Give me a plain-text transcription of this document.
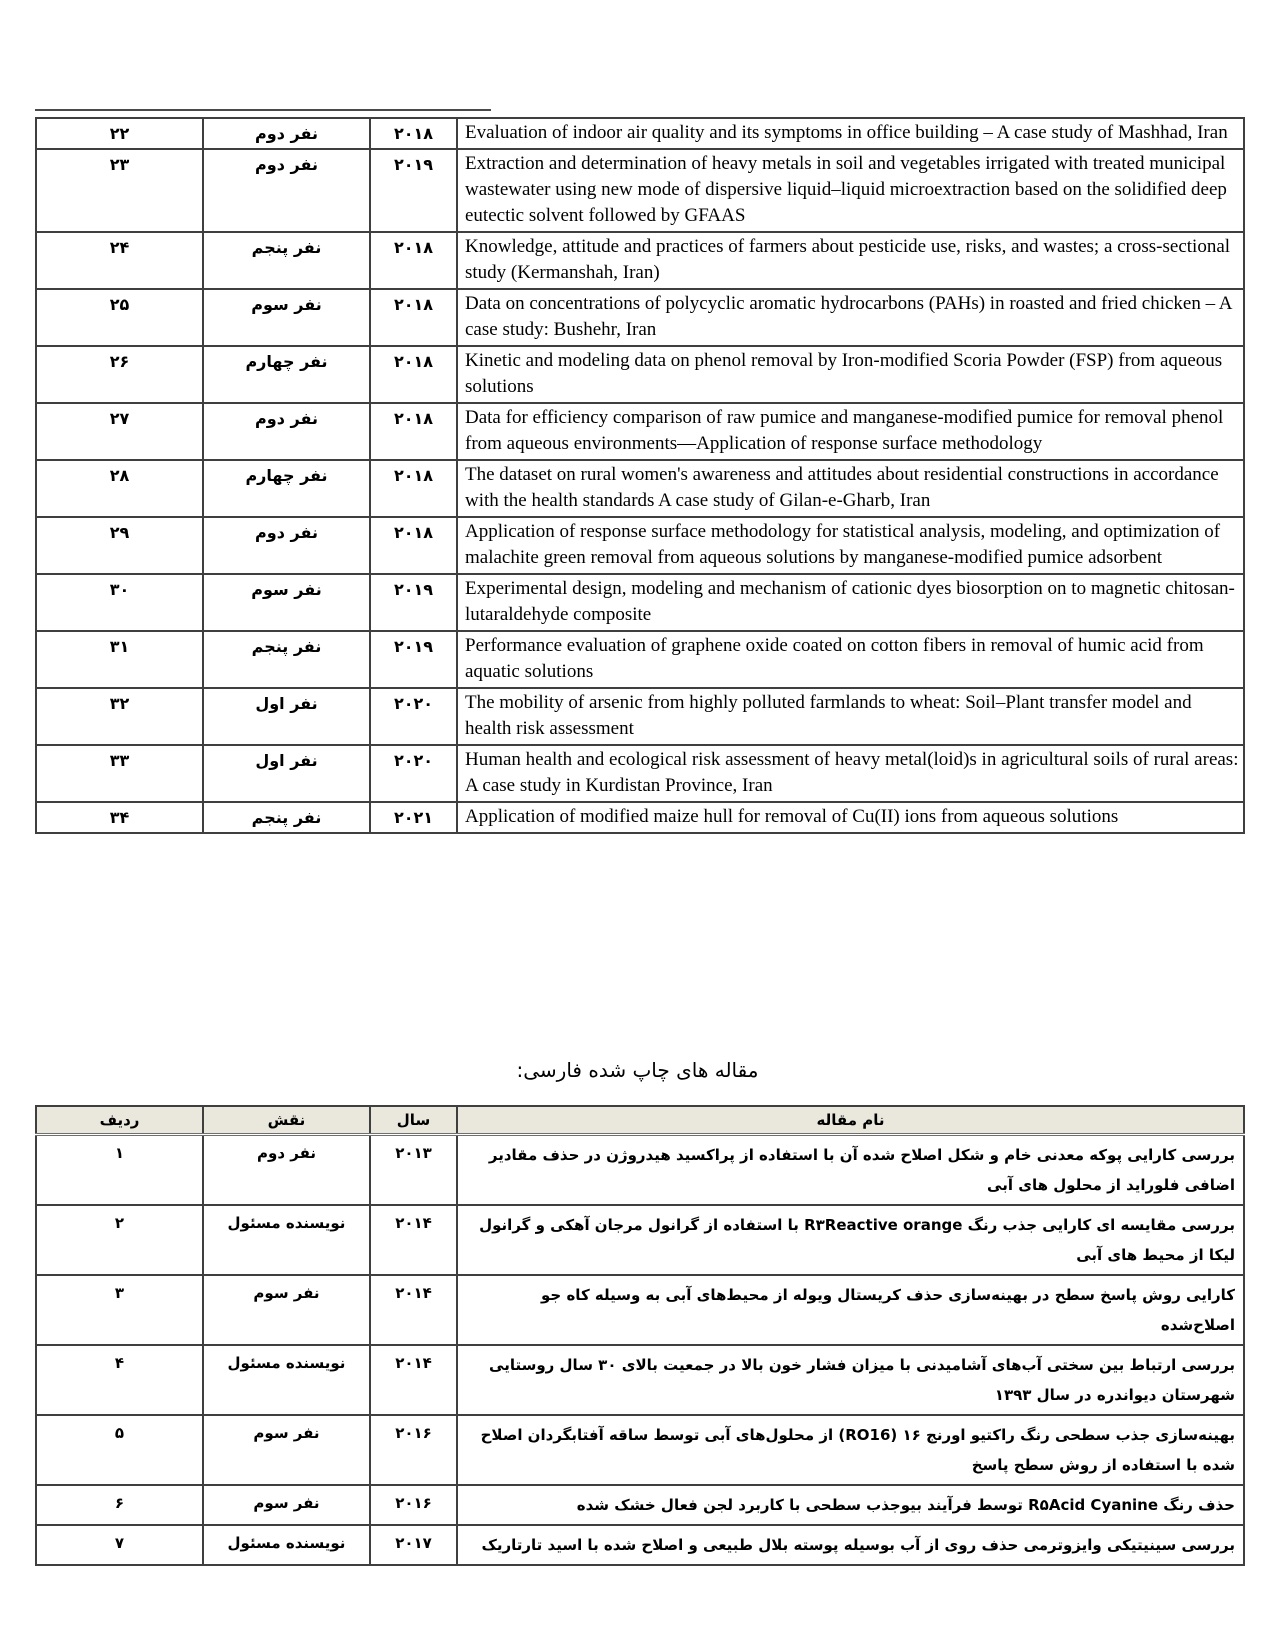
۲۲	نفر دوم	۲۰۱۸	Evaluation of indoor air quality and its symptoms in office building – A case study of Mashhad, Iran
۲۳	نفر دوم	۲۰۱۹	Extraction and determination of heavy metals in soil and vegetables irrigated with treated municipal wastewater using new mode of dispersive liquid–liquid microextraction based on the solidified deep eutectic solvent followed by GFAAS
۲۴	نفر پنجم	۲۰۱۸	Knowledge, attitude and practices of farmers about pesticide use, risks, and wastes; a cross-sectional study (Kermanshah, Iran)
۲۵	نفر سوم	۲۰۱۸	Data on concentrations of polycyclic aromatic hydrocarbons (PAHs) in roasted and fried chicken – A case study: Bushehr, Iran
۲۶	نفر چهارم	۲۰۱۸	Kinetic and modeling data on phenol removal by Iron-modified Scoria Powder (FSP) from aqueous solutions
۲۷	نفر دوم	۲۰۱۸	Data for efficiency comparison of raw pumice and manganese-modified pumice for removal phenol from aqueous environments—Application of response surface methodology
۲۸	نفر چهارم	۲۰۱۸	The dataset on rural women's awareness and attitudes about residential constructions in accordance with the health standards A case study of Gilan-e-Gharb, Iran
۲۹	نفر دوم	۲۰۱۸	Application of response surface methodology for statistical analysis, modeling, and optimization of malachite green removal from aqueous solutions by manganese-modified pumice adsorbent
۳۰	نفر سوم	۲۰۱۹	Experimental design, modeling and mechanism of cationic dyes biosorption on to magnetic chitosan-lutaraldehyde composite
۳۱	نفر پنجم	۲۰۱۹	Performance evaluation of graphene oxide coated on cotton fibers in removal of humic acid from aquatic solutions
۳۲	نفر اول	۲۰۲۰	The mobility of arsenic from highly polluted farmlands to wheat: Soil–Plant transfer model and health risk assessment
۳۳	نفر اول	۲۰۲۰	Human health and ecological risk assessment of heavy metal(loid)s in agricultural soils of rural areas: A case study in Kurdistan Province, Iran
۳۴	نفر پنجم	۲۰۲۱	Application of modified maize hull for removal of Cu(II) ions from aqueous solutions
مقاله های چاپ شده فارسی:
ردیف	نقش	سال	نام مقاله
۱	نفر دوم	۲۰۱۳	بررسی کارایی پوکه معدنی خام و شکل اصلاح شده آن با استفاده از پراکسید هیدروژن در حذف مقادیر اضافی فلوراید از محلول های آبی
۲	نویسنده مسئول	۲۰۱۴	بررسی مقایسه ای کارایی جذب رنگ R۳Reactive orange با استفاده از گرانول مرجان آهکی و گرانول لیکا از محیط های آبی
۳	نفر سوم	۲۰۱۴	کارایی روش پاسخ سطح در بهینه‌سازی حذف کریستال ویوله از محیط‌های آبی به وسیله کاه جو اصلاح‌شده
۴	نویسنده مسئول	۲۰۱۴	بررسی ارتباط بین سختی آب‌های آشامیدنی با میزان فشار خون بالا در جمعیت بالای ۳۰ سال روستایی شهرستان دیواندره در سال ۱۳۹۳
۵	نفر سوم	۲۰۱۶	بهینه‌سازی جذب سطحی رنگ راکتیو اورنج ۱۶ (RO16) از محلول‌های آبی توسط ساقه آفتابگردان اصلاح شده با استفاده از روش سطح پاسخ
۶	نفر سوم	۲۰۱۶	حذف رنگ R۵Acid Cyanine توسط فرآیند بیوجذب سطحی با کاربرد لجن فعال خشک شده
۷	نویسنده مسئول	۲۰۱۷	بررسی سینیتیکی وایزوترمی حذف روی از آب بوسیله پوسته بلال طبیعی و اصلاح شده با اسید تارتاریک
